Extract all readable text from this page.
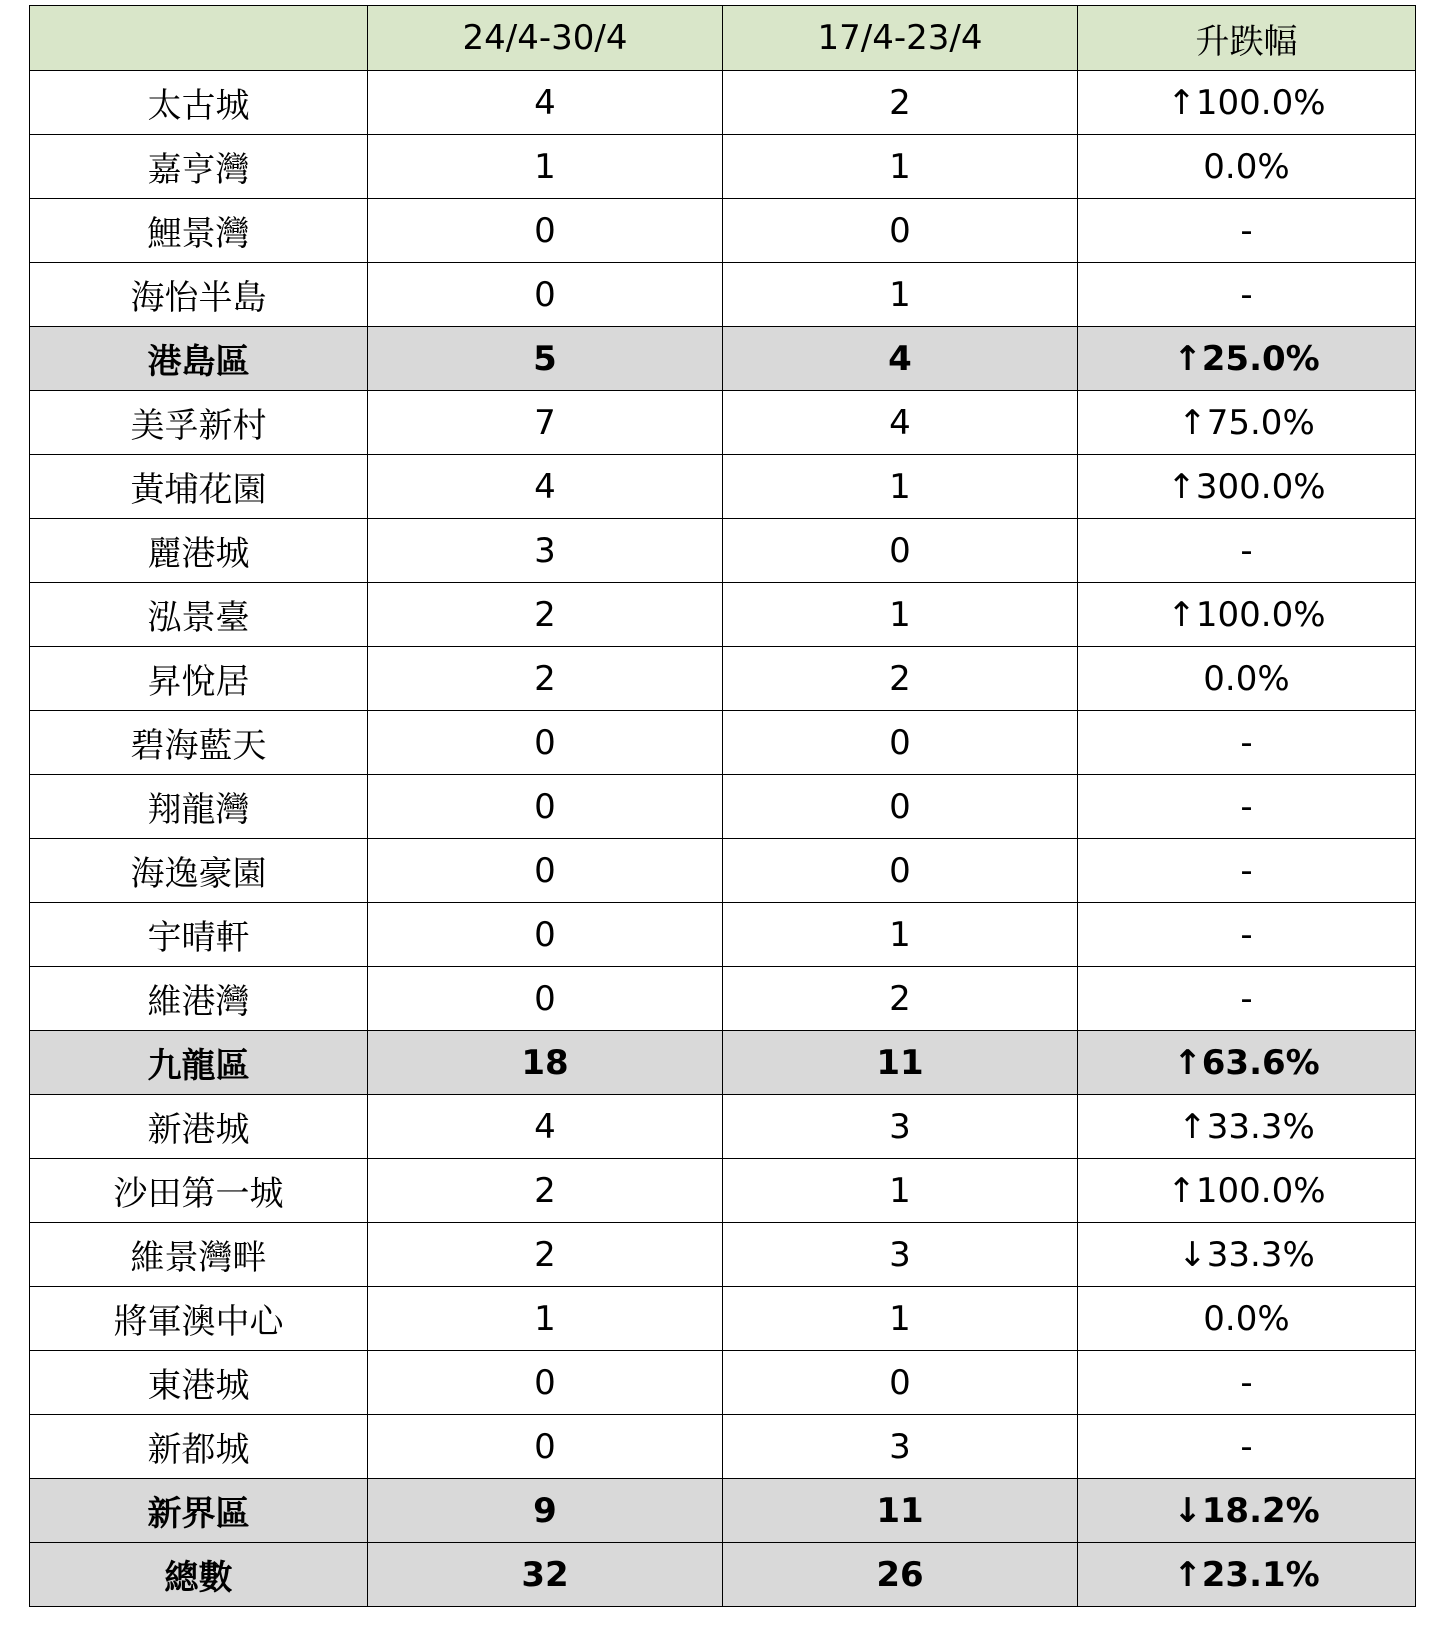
	24/4-30/4	17/4-23/4	升跌幅
太古城	4	2	↑100.0%
嘉亨灣	1	1	0.0%
鯉景灣	0	0	-
海怡半島	0	1	-
港島區	5	4	↑25.0%
美孚新村	7	4	↑75.0%
黃埔花園	4	1	↑300.0%
麗港城	3	0	-
泓景臺	2	1	↑100.0%
昇悅居	2	2	0.0%
碧海藍天	0	0	-
翔龍灣	0	0	-
海逸豪園	0	0	-
宇晴軒	0	1	-
維港灣	0	2	-
九龍區	18	11	↑63.6%
新港城	4	3	↑33.3%
沙田第一城	2	1	↑100.0%
維景灣畔	2	3	↓33.3%
將軍澳中心	1	1	0.0%
東港城	0	0	-
新都城	0	3	-
新界區	9	11	↓18.2%
總數	32	26	↑23.1%
